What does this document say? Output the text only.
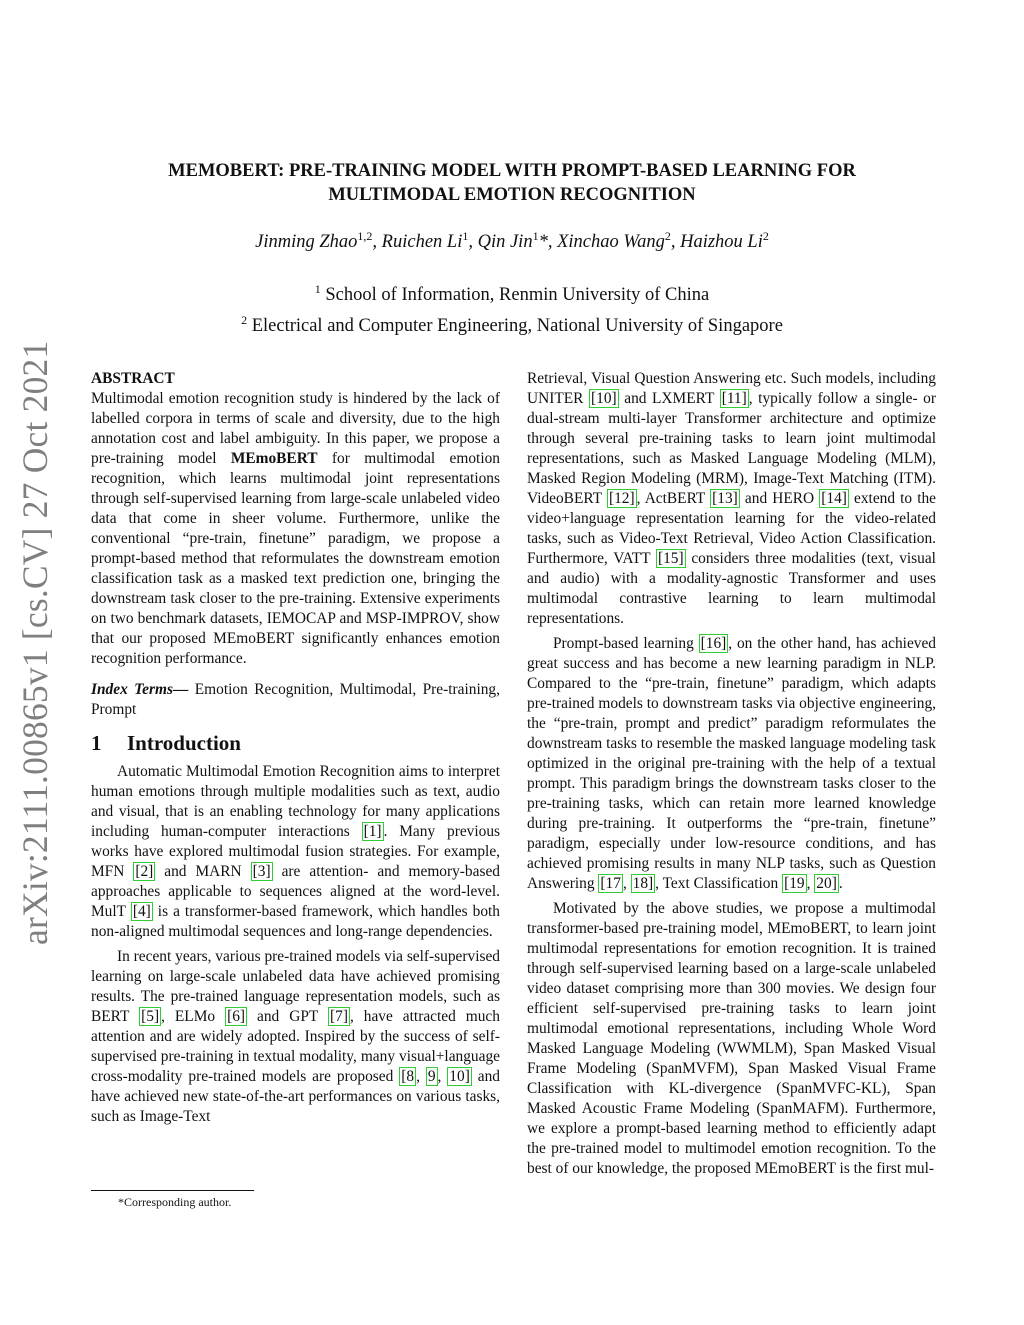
arXiv:2111.00865v1 [cs.CV] 27 Oct 2021

MEMOBERT: PRE-TRAINING MODEL WITH PROMPT-BASED LEARNING FOR

MULTIMODAL EMOTION RECOGNITION

Jinming Zhao$^{1,2}$, Ruichen Li$^1$, Qin Jin$^1$*, Xinchao Wang$^2$, Haizhou Li$^2$
$^1$ School of Information, Renmin University of China
$^2$ Electrical and Computer Engineering, National University of Singapore

ABSTRACT

Multimodal emotion recognition study is hindered by the lack of labelled corpora in terms of scale and diversity, due to the high annotation cost and label ambiguity. In this paper, we propose a pre-training model MEmoBERT for multimodal emotion recognition, which learns multimodal joint representations through self-supervised learning from large-scale unlabeled video data that come in sheer volume. Furthermore, unlike the conventional “pre-train, finetune” paradigm, we propose a prompt-based method that reformulates the downstream emotion classification task as a masked text prediction one, bringing the downstream task closer to the pre-training. Extensive experiments on two benchmark datasets, IEMOCAP and MSP-IMPROV, show that our proposed MEmoBERT significantly enhances emotion recognition performance.

Index Terms— Emotion Recognition, Multimodal, Pre-training, Prompt

1 Introduction

Automatic Multimodal Emotion Recognition aims to interpret human emotions through multiple modalities such as text, audio and visual, that is an enabling technology for many applications including human-computer interactions [1] . Many previous works have explored multimodal fusion strategies. For example, MFN [2] and MARN [3] are attention- and memory-based approaches applicable to sequences aligned at the word-level. MulT [4] is a transformer-based framework, which handles both non-aligned multimodal sequences and long-range dependencies.

In recent years, various pre-trained models via self-supervised learning on large-scale unlabeled data have achieved promising results. The pre-trained language representation models, such as BERT [5] , ELMo [6] and GPT [7] , have attracted much attention and are widely adopted. Inspired by the success of self-supervised pre-training in textual modality, many visual+language cross-modality pre-trained models are proposed [8 , 9 , 10] and have achieved new state-of-the-art performances on various tasks, such as Image-Text

Retrieval, Visual Question Answering etc. Such models, including UNITER [10] and LXMERT [11] , typically follow a single- or dual-stream multi-layer Transformer architecture and optimize through several pre-training tasks to learn joint multimodal representations, such as Masked Language Modeling (MLM), Masked Region Modeling (MRM), Image-Text Matching (ITM). VideoBERT [12] , ActBERT [13] and HERO [14] extend to the video+language representation learning for the video-related tasks, such as Video-Text Retrieval, Video Action Classification. Furthermore, VATT [15] considers three modalities (text, visual and audio) with a modality-agnostic Transformer and uses multimodal contrastive learning to learn multimodal representations.

Prompt-based learning [16] , on the other hand, has achieved great success and has become a new learning paradigm in NLP. Compared to the “pre-train, finetune” paradigm, which adapts pre-trained models to downstream tasks via objective engineering, the “pre-train, prompt and predict” paradigm reformulates the downstream tasks to resemble the masked language modeling task optimized in the original pre-training with the help of a textual prompt. This paradigm brings the downstream tasks closer to the pre-training tasks, which can retain more learned knowledge during pre-training. It outperforms the “pre-train, finetune” paradigm, especially under low-resource conditions, and has achieved promising results in many NLP tasks, such as Question Answering [17 , 18] , Text Classification [19 , 20] .

Motivated by the above studies, we propose a multimodal transformer-based pre-training model, MEmoBERT, to learn joint multimodal representations for emotion recognition. It is trained through self-supervised learning based on a large-scale unlabeled video dataset comprising more than 300 movies. We design four efficient self-supervised pre-training tasks to learn joint multimodal emotional representations, including Whole Word Masked Language Modeling (WWMLM), Span Masked Visual Frame Modeling (SpanMVFM), Span Masked Visual Frame Classification with KL-divergence (SpanMVFC-KL), Span Masked Acoustic Frame Modeling (SpanMAFM). Furthermore, we explore a prompt-based learning method to efficiently adapt the pre-trained model to multimodel emotion recognition. To the best of our knowledge, the proposed MEmoBERT is the first mul-

*Corresponding author.
